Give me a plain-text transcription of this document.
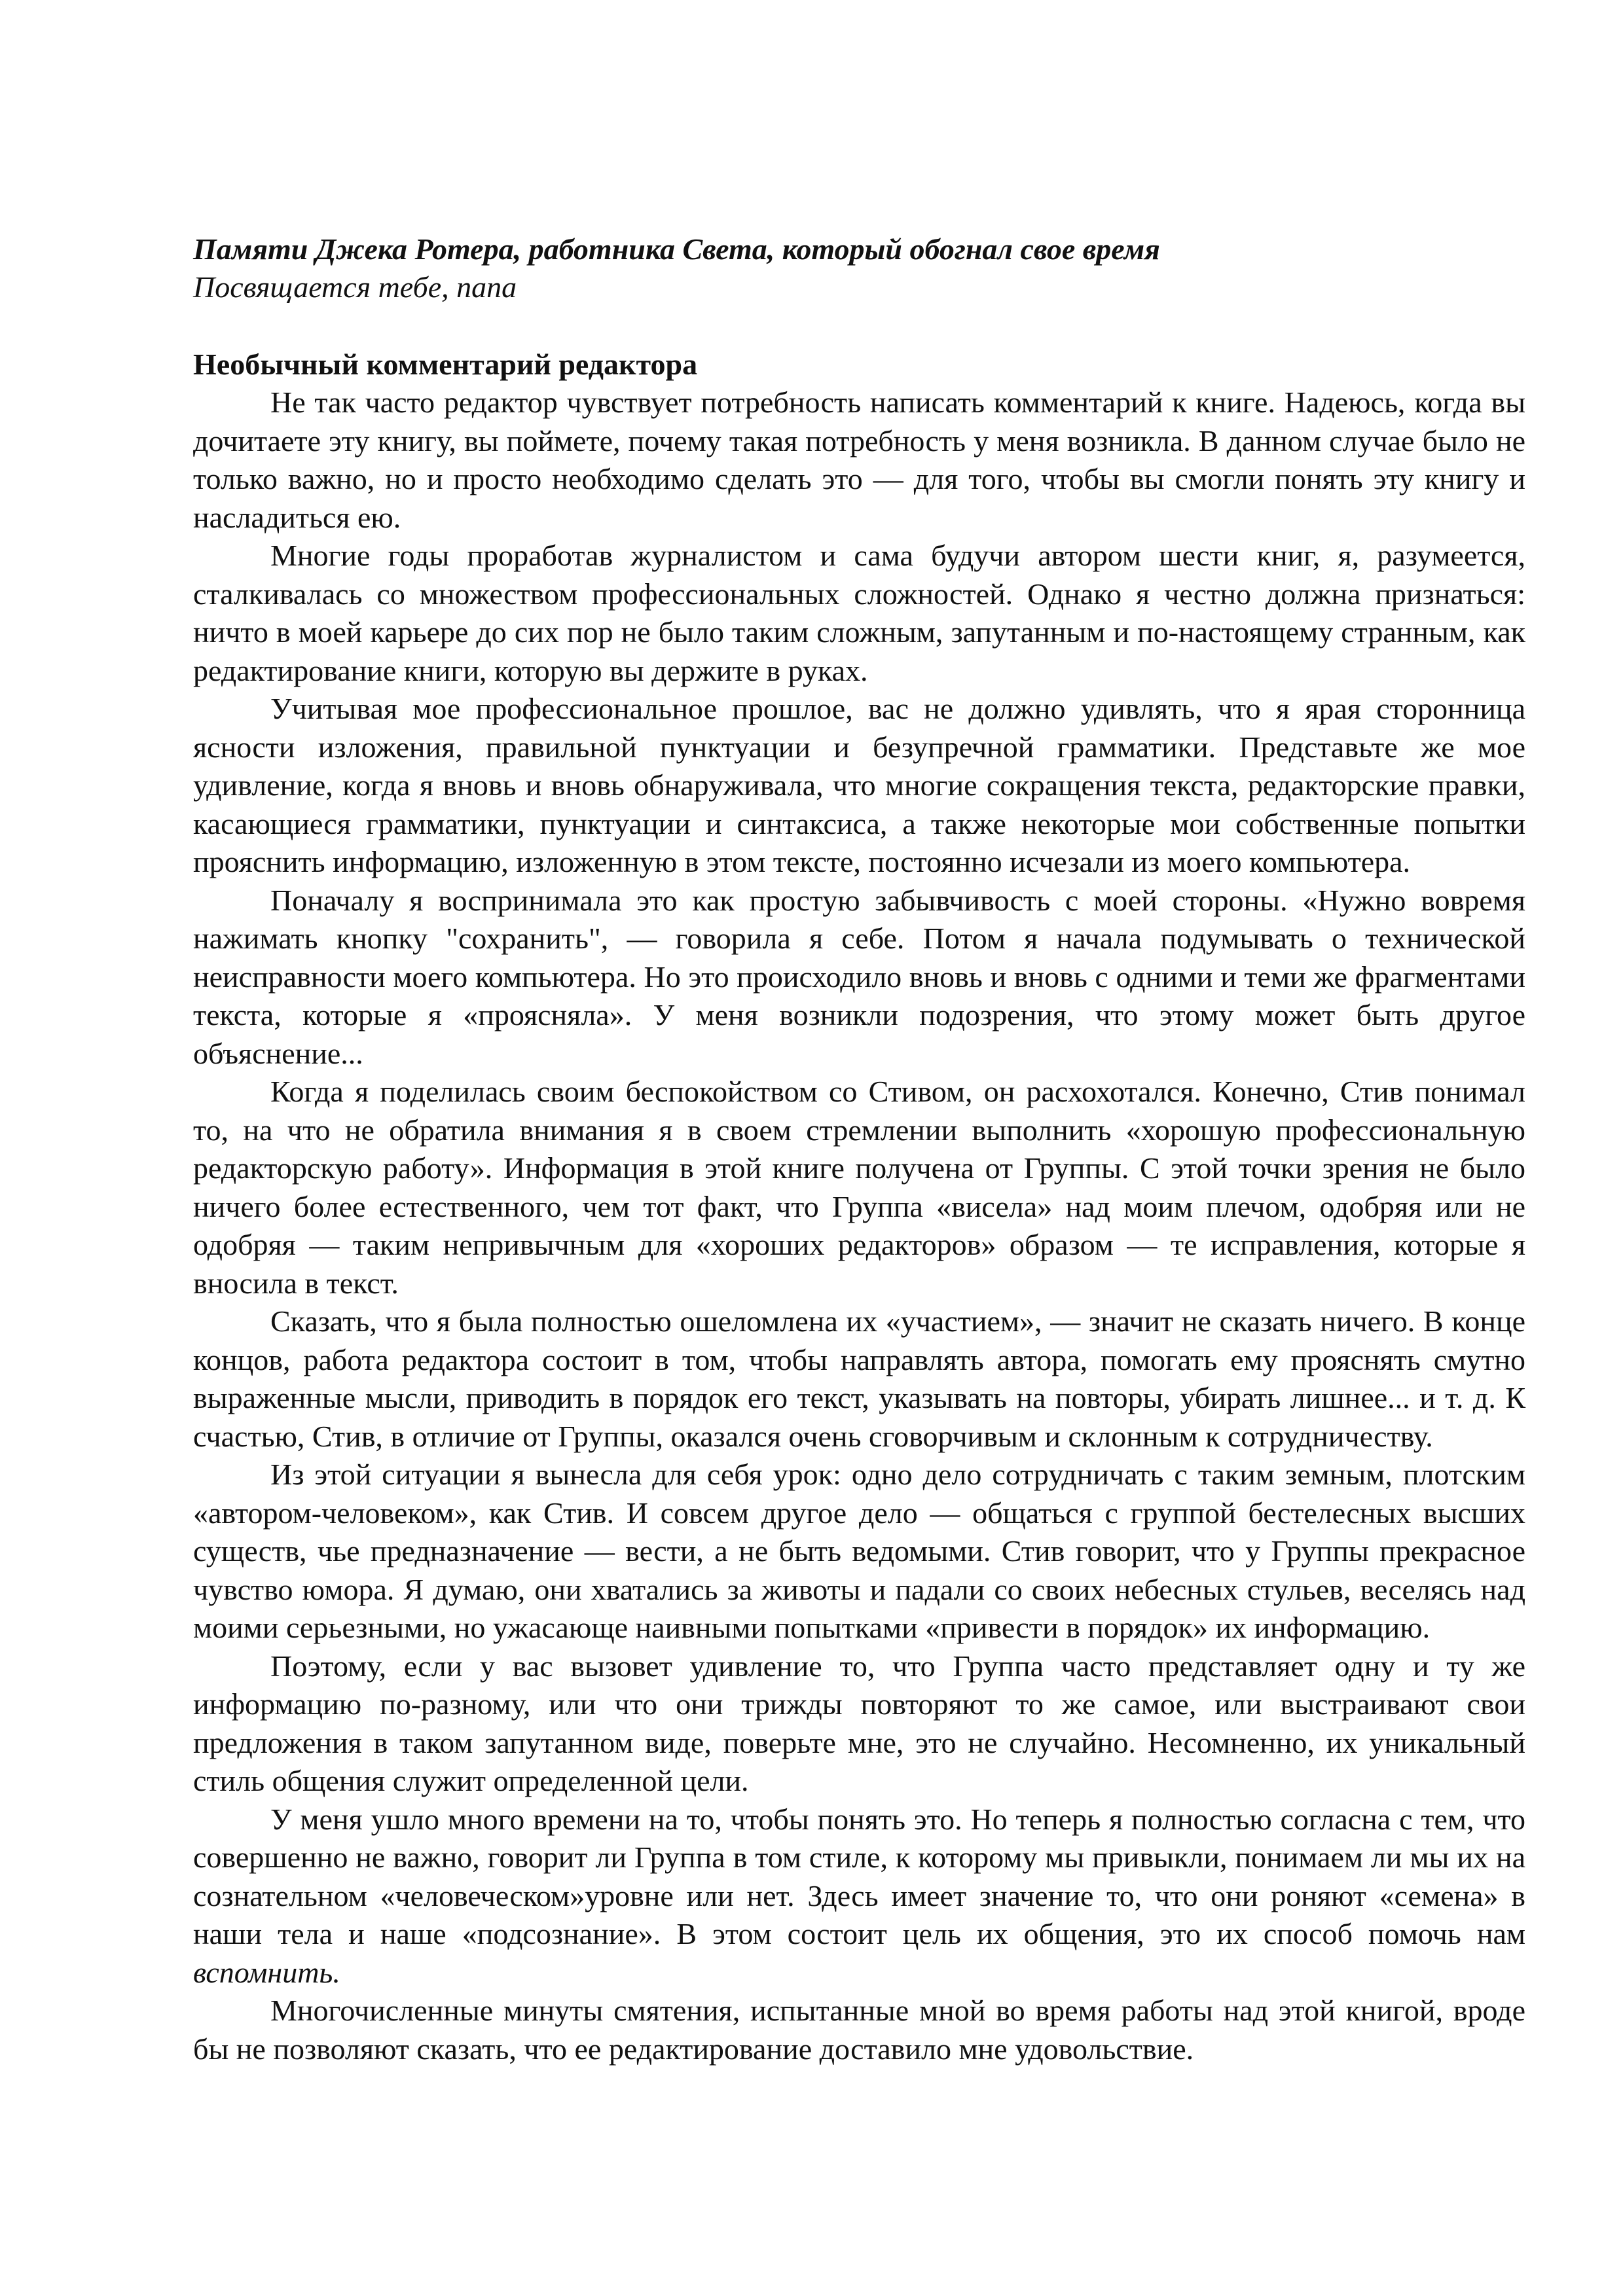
Памяти Джека Ротера, работника Света, который обогнал свое время

Посвящается тебе, папа

Необычный комментарий редактора

Не так часто редактор чувствует потребность написать комментарий к книге. Надеюсь, когда вы дочитаете эту книгу, вы поймете, почему такая потребность у меня возникла. В данном случае было не только важно, но и просто необходимо сделать это — для того, чтобы вы смогли понять эту книгу и насладиться ею.

Многие годы проработав журналистом и сама будучи автором шести книг, я, разумеется, сталкивалась со множеством профессиональных сложностей. Однако я честно должна признаться: ничто в моей карьере до сих пор не было таким сложным, запутанным и по-настоящему странным, как редактирование книги, которую вы держите в руках.

Учитывая мое профессиональное прошлое, вас не должно удивлять, что я ярая сторонница ясности изложения, правильной пунктуации и безупречной грамматики. Представьте же мое удивление, когда я вновь и вновь обнаруживала, что многие сокращения текста, редакторские правки, касающиеся грамматики, пунктуации и синтаксиса, а также некоторые мои собственные попытки прояснить информацию, изложенную в этом тексте, постоянно исчезали из моего компьютера.

Поначалу я воспринимала это как простую забывчивость с моей стороны. «Нужно вовремя нажимать кнопку "сохранить", — говорила я себе. Потом я начала подумывать о технической неисправности моего компьютера. Но это происходило вновь и вновь с одними и теми же фрагментами текста, которые я «проясняла». У меня возникли подозрения, что этому может быть другое объяснение...

Когда я поделилась своим беспокойством со Стивом, он расхохотался. Конечно, Стив понимал то, на что не обратила внимания я в своем стремлении выполнить «хорошую профессиональную редакторскую работу». Информация в этой книге получена от Группы. С этой точки зрения не было ничего более естественного, чем тот факт, что Группа «висела» над моим плечом, одобряя или не одобряя — таким непривычным для «хороших редакторов» образом — те исправления, которые я вносила в текст.

Сказать, что я была полностью ошеломлена их «участием», — значит не сказать ничего. В конце концов, работа редактора состоит в том, чтобы направлять автора, помогать ему прояснять смутно выраженные мысли, приводить в порядок его текст, указывать на повторы, убирать лишнее... и т. д. К счастью, Стив, в отличие от Группы, оказался очень сговорчивым и склонным к сотрудничеству.

Из этой ситуации я вынесла для себя урок: одно дело сотрудничать с таким земным, плотским «автором-человеком», как Стив. И совсем другое дело — общаться с группой бестелесных высших существ, чье предназначение — вести, а не быть ведомыми. Стив говорит, что у Группы прекрасное чувство юмора. Я думаю, они хватались за животы и падали со своих небесных стульев, веселясь над моими серьезными, но ужасающе наивными попытками «привести в порядок» их информацию.

Поэтому, если у вас вызовет удивление то, что Группа часто представляет одну и ту же информацию по-разному, или что они трижды повторяют то же самое, или выстраивают свои предложения в таком запутанном виде, поверьте мне, это не случайно. Несомненно, их уникальный стиль общения служит определенной цели.

У меня ушло много времени на то, чтобы понять это. Но теперь я полностью согласна с тем, что совершенно не важно, говорит ли Группа в том стиле, к которому мы привыкли, понимаем ли мы их на сознательном «человеческом»уровне или нет. Здесь имеет значение то, что они роняют «семена» в наши тела и наше «подсознание». В этом состоит цель их общения, это их способ помочь нам вспомнить.

Многочисленные минуты смятения, испытанные мной во время работы над этой книгой, вроде бы не позволяют сказать, что ее редактирование доставило мне удовольствие.
